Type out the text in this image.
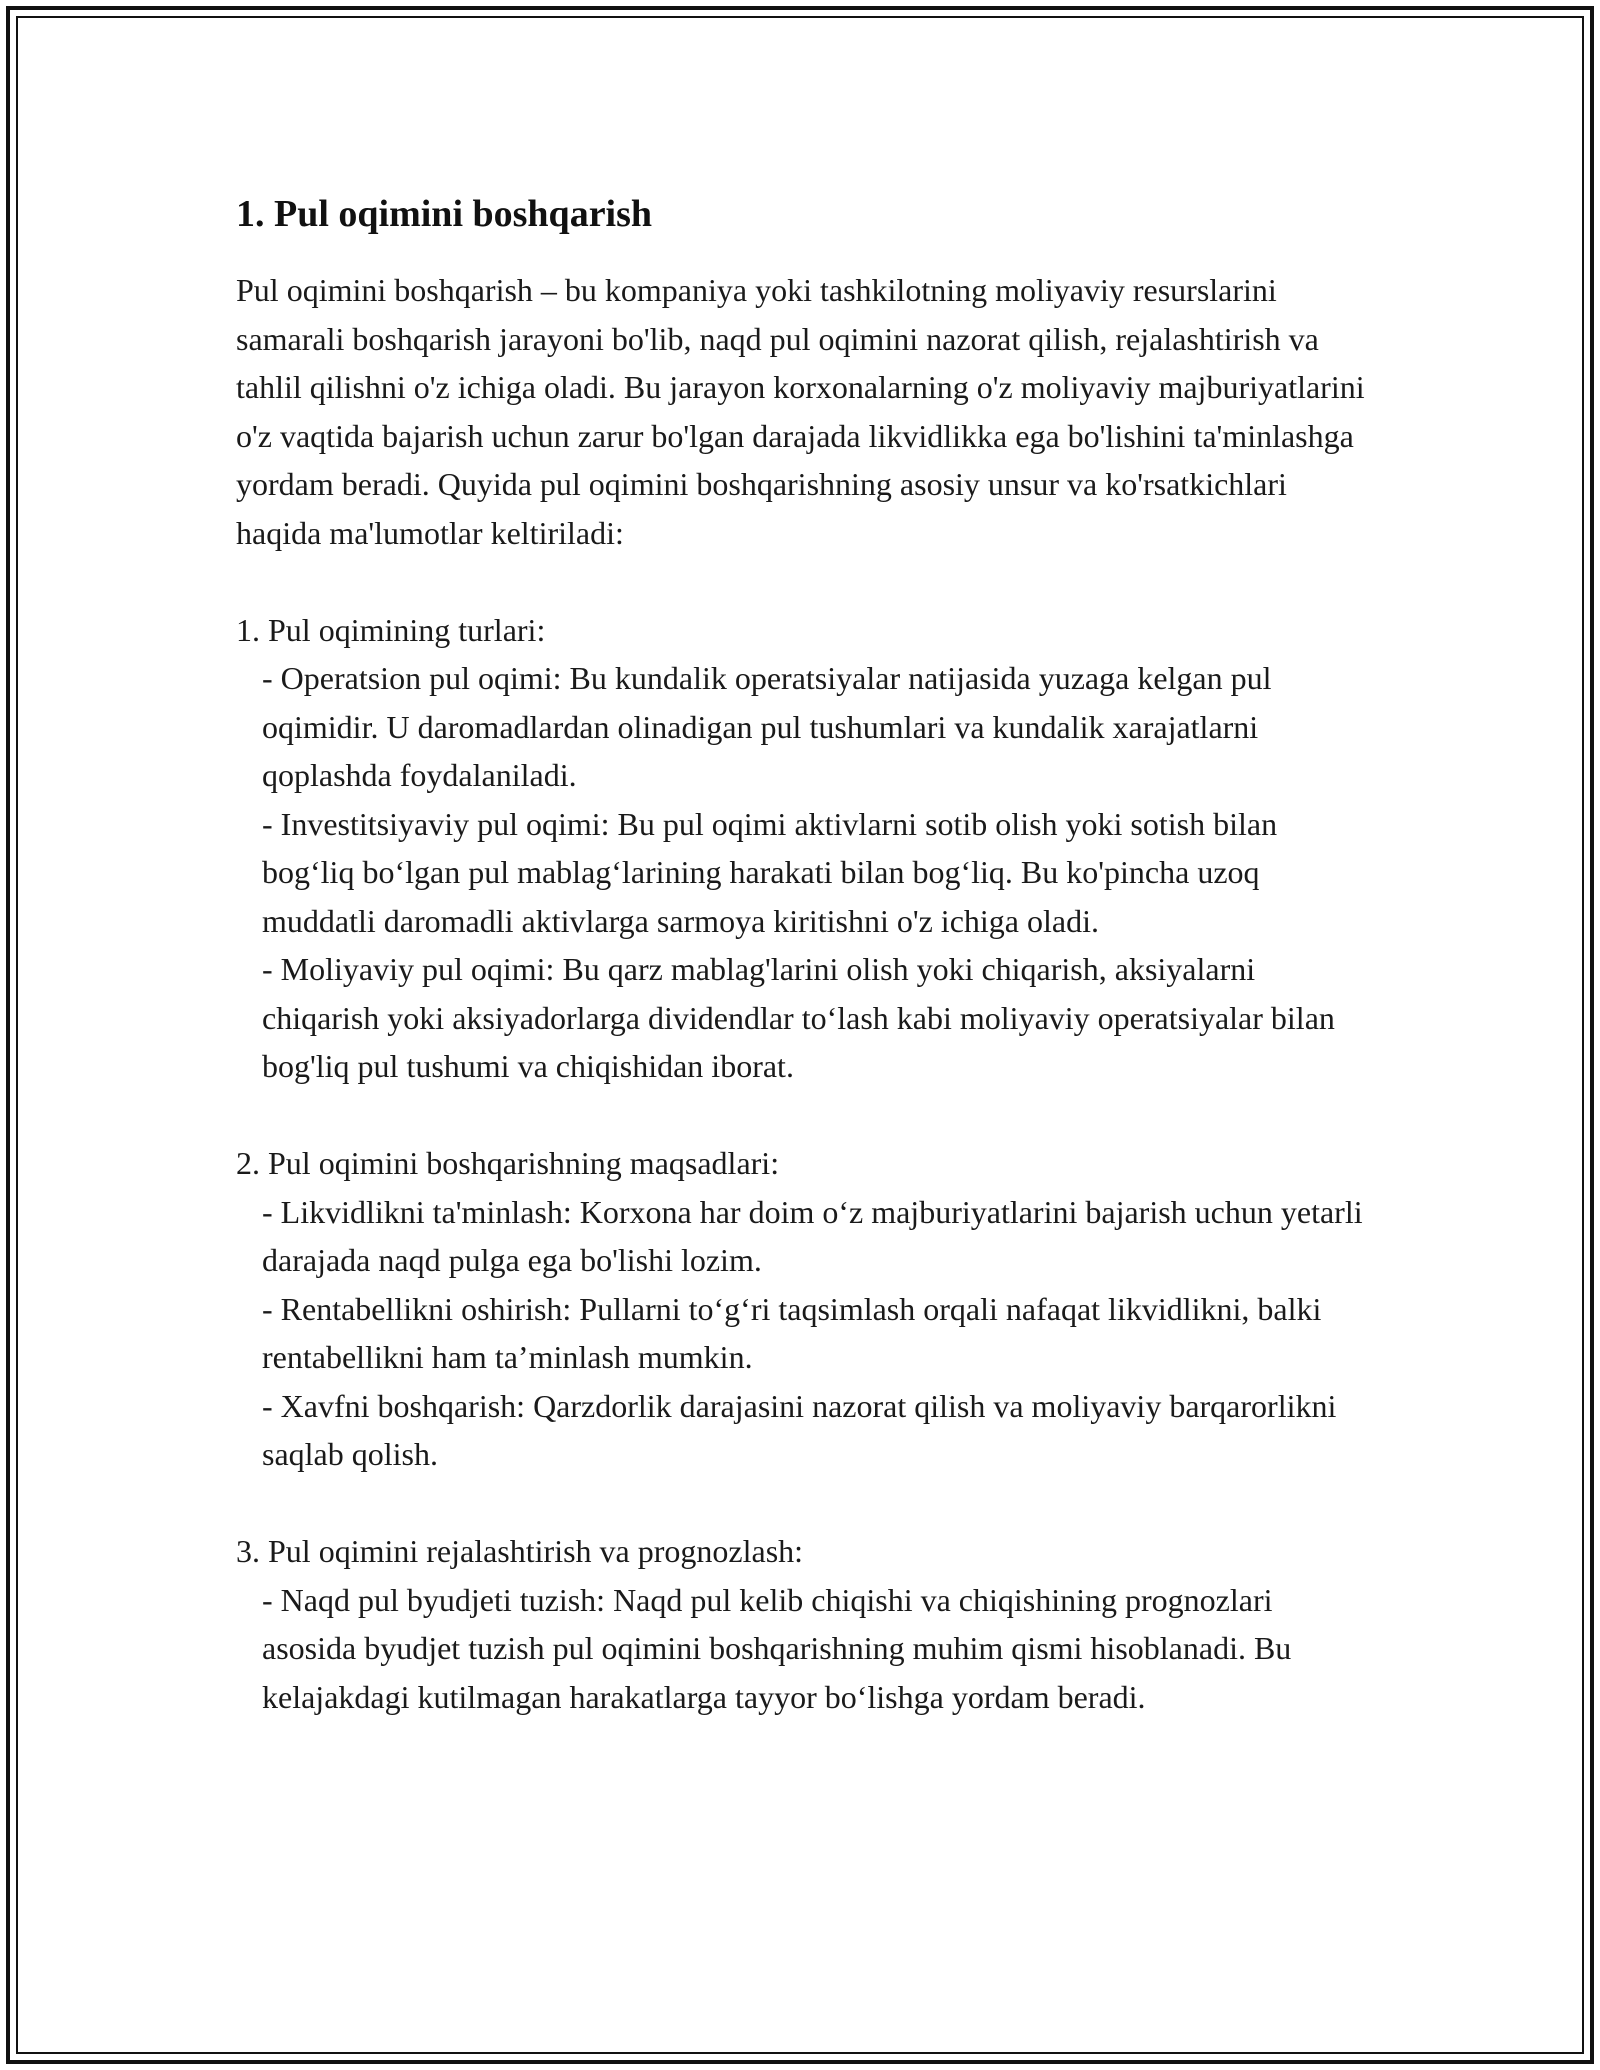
1. Pul oqimini boshqarish

Pul oqimini boshqarish – bu kompaniya yoki tashkilotning moliyaviy resurslarini samarali boshqarish jarayoni bo'lib, naqd pul oqimini nazorat qilish, rejalashtirish va tahlil qilishni o'z ichiga oladi. Bu jarayon korxonalarning o'z moliyaviy majburiyatlarini o'z vaqtida bajarish uchun zarur bo'lgan darajada likvidlikka ega bo'lishini ta'minlashga yordam beradi. Quyida pul oqimini boshqarishning asosiy unsur va ko'rsatkichlari haqida ma'lumotlar keltiriladi:

1. Pul oqimining turlari:
- Operatsion pul oqimi: Bu kundalik operatsiyalar natijasida yuzaga kelgan pul oqimidir. U daromadlardan olinadigan pul tushumlari va kundalik xarajatlarni qoplashda foydalaniladi.
- Investitsiyaviy pul oqimi: Bu pul oqimi aktivlarni sotib olish yoki sotish bilan bog‘liq bo‘lgan pul mablag‘larining harakati bilan bog‘liq. Bu ko'pincha uzoq muddatli daromadli aktivlarga sarmoya kiritishni o'z ichiga oladi.
- Moliyaviy pul oqimi: Bu qarz mablag'larini olish yoki chiqarish, aksiyalarni chiqarish yoki aksiyadorlarga dividendlar to‘lash kabi moliyaviy operatsiyalar bilan bog'liq pul tushumi va chiqishidan iborat.
2. Pul oqimini boshqarishning maqsadlari:
- Likvidlikni ta'minlash: Korxona har doim o‘z majburiyatlarini bajarish uchun yetarli darajada naqd pulga ega bo'lishi lozim.
- Rentabellikni oshirish: Pullarni to‘g‘ri taqsimlash orqali nafaqat likvidlikni, balki rentabellikni ham ta’minlash mumkin.
- Xavfni boshqarish: Qarzdorlik darajasini nazorat qilish va moliyaviy barqarorlikni saqlab qolish.
3. Pul oqimini rejalashtirish va prognozlash:
- Naqd pul byudjeti tuzish: Naqd pul kelib chiqishi va chiqishining prognozlari asosida byudjet tuzish pul oqimini boshqarishning muhim qismi hisoblanadi. Bu kelajakdagi kutilmagan harakatlarga tayyor bo‘lishga yordam beradi.
